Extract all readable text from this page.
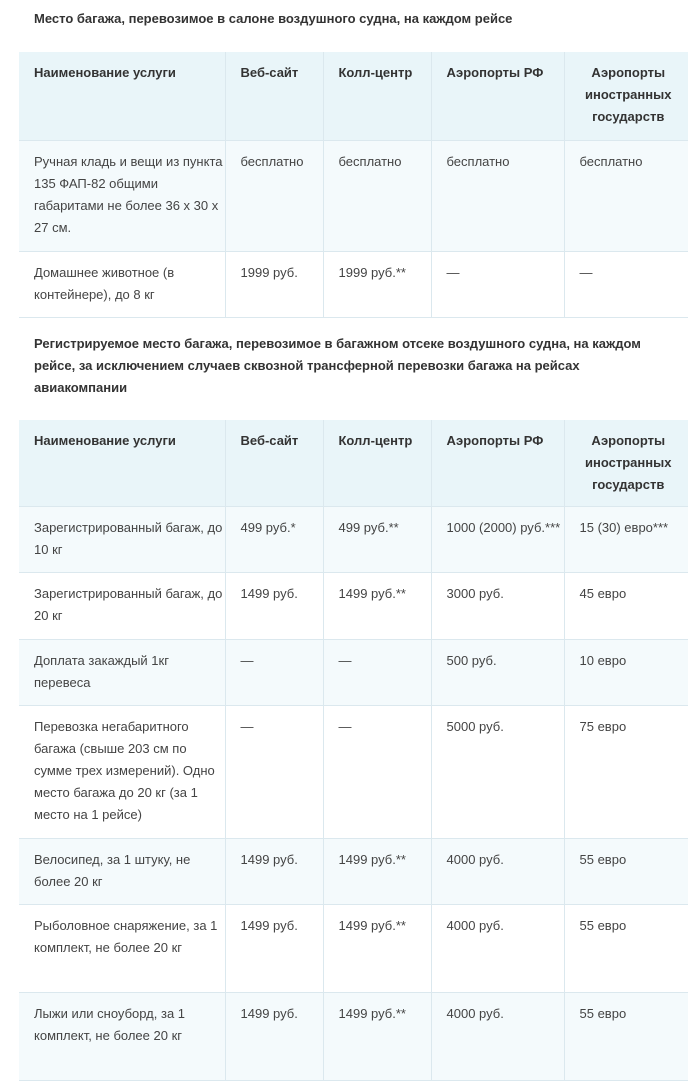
Место багажа, перевозимое в салоне воздушного судна, на каждом рейсе
Наименование услуги	Веб-сайт	Колл-центр	Аэропорты РФ	Аэропорты иностранных государств
Ручная кладь и вещи из пункта 135 ФАП-82 общими габаритами не более 36 х 30 х 27 см.	бесплатно	бесплатно	бесплатно	бесплатно
Домашнее животное (в контейнере), до 8 кг	1999 руб.	1999 руб.**	—	—
Регистрируемое место багажа, перевозимое в багажном отсеке воздушного судна, на каждом рейсе, за исключением случаев сквозной трансферной перевозки багажа на рейсах авиакомпании
Наименование услуги	Веб-сайт	Колл-центр	Аэропорты РФ	Аэропорты иностранных государств
Зарегистрированный багаж, до 10 кг	499 руб.*	499 руб.**	1000 (2000) руб.***	15 (30) евро***
Зарегистрированный багаж, до 20 кг	1499 руб.	1499 руб.**	3000 руб.	45 евро
Доплата закаждый 1кг перевеса	—	—	500 руб.	10 евро
Перевозка негабаритного багажа (свыше 203 см по сумме трех измерений). Одно место багажа до 20 кг (за 1 место на 1 рейсе)	—	—	5000 руб.	75 евро
Велосипед, за 1 штуку, не более 20 кг	1499 руб.	1499 руб.**	4000 руб.	55 евро
Рыболовное снаряжение, за 1 комплект, не более 20 кг	1499 руб.	1499 руб.**	4000 руб.	55 евро
Лыжи или сноуборд, за 1 комплект, не более 20 кг	1499 руб.	1499 руб.**	4000 руб.	55 евро
